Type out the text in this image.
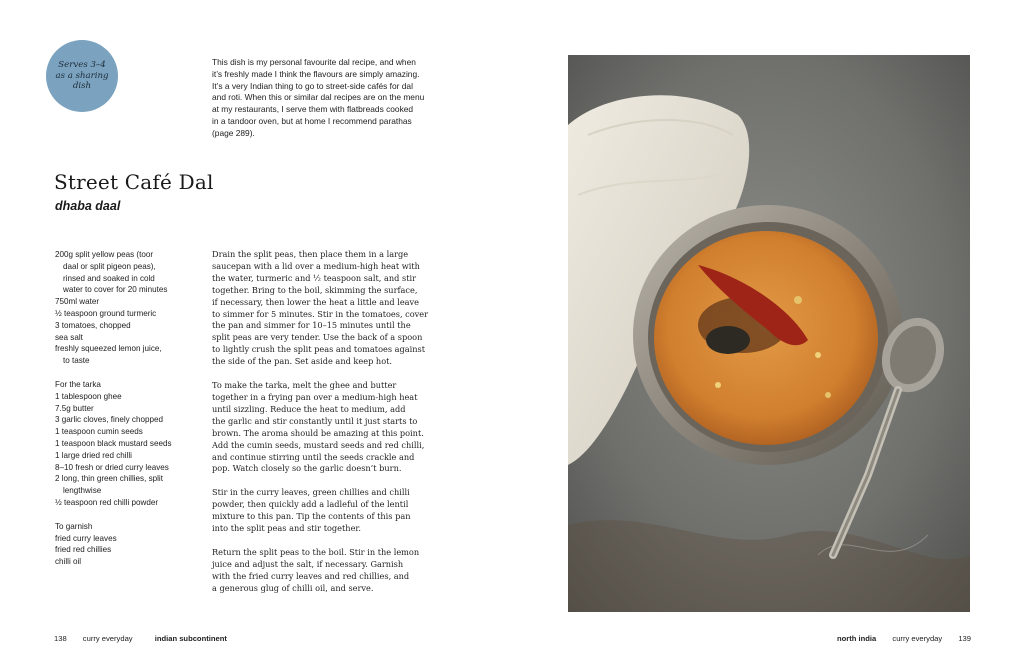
Serves 3–4
as a sharing
dish
This dish is my personal favourite dal recipe, and when
it’s freshly made I think the flavours are simply amazing.
It’s a very Indian thing to go to street-side cafés for dal
and roti. When this or similar dal recipes are on the menu
at my restaurants, I serve them with flatbreads cooked
in a tandoor oven, but at home I recommend parathas
(page 289).
Street Café Dal
dhaba daal
200g split yellow peas (toor
daal or split pigeon peas),
rinsed and soaked in cold
water to cover for 20 minutes
750ml water
½ teaspoon ground turmeric
3 tomatoes, chopped
sea salt
freshly squeezed lemon juice,
to taste
For the tarka
1 tablespoon ghee
7.5g butter
3 garlic cloves, finely chopped
1 teaspoon cumin seeds
1 teaspoon black mustard seeds
1 large dried red chilli
8–10 fresh or dried curry leaves
2 long, thin green chillies, split
lengthwise
½ teaspoon red chilli powder
To garnish
fried curry leaves
fried red chillies
chilli oil

Drain the split peas, then place them in a large
saucepan with a lid over a medium-high heat with
the water, turmeric and ½ teaspoon salt, and stir
together. Bring to the boil, skimming the surface,
if necessary, then lower the heat a little and leave
to simmer for 5 minutes. Stir in the tomatoes, cover
the pan and simmer for 10–15 minutes until the
split peas are very tender. Use the back of a spoon
to lightly crush the split peas and tomatoes against
the side of the pan. Set aside and keep hot.

To make the tarka, melt the ghee and butter
together in a frying pan over a medium-high heat
until sizzling. Reduce the heat to medium, add
the garlic and stir constantly until it just starts to
brown. The aroma should be amazing at this point.
Add the cumin seeds, mustard seeds and red chilli,
and continue stirring until the seeds crackle and
pop. Watch closely so the garlic doesn’t burn.

Stir in the curry leaves, green chillies and chilli
powder, then quickly add a ladleful of the lentil
mixture to this pan. Tip the contents of this pan
into the split peas and stir together.

Return the split peas to the boil. Stir in the lemon
juice and adjust the salt, if necessary. Garnish
with the fried curry leaves and red chillies, and
a generous glug of chilli oil, and serve.

138 curry everyday	indian subcontinent	north india curry everyday 139
